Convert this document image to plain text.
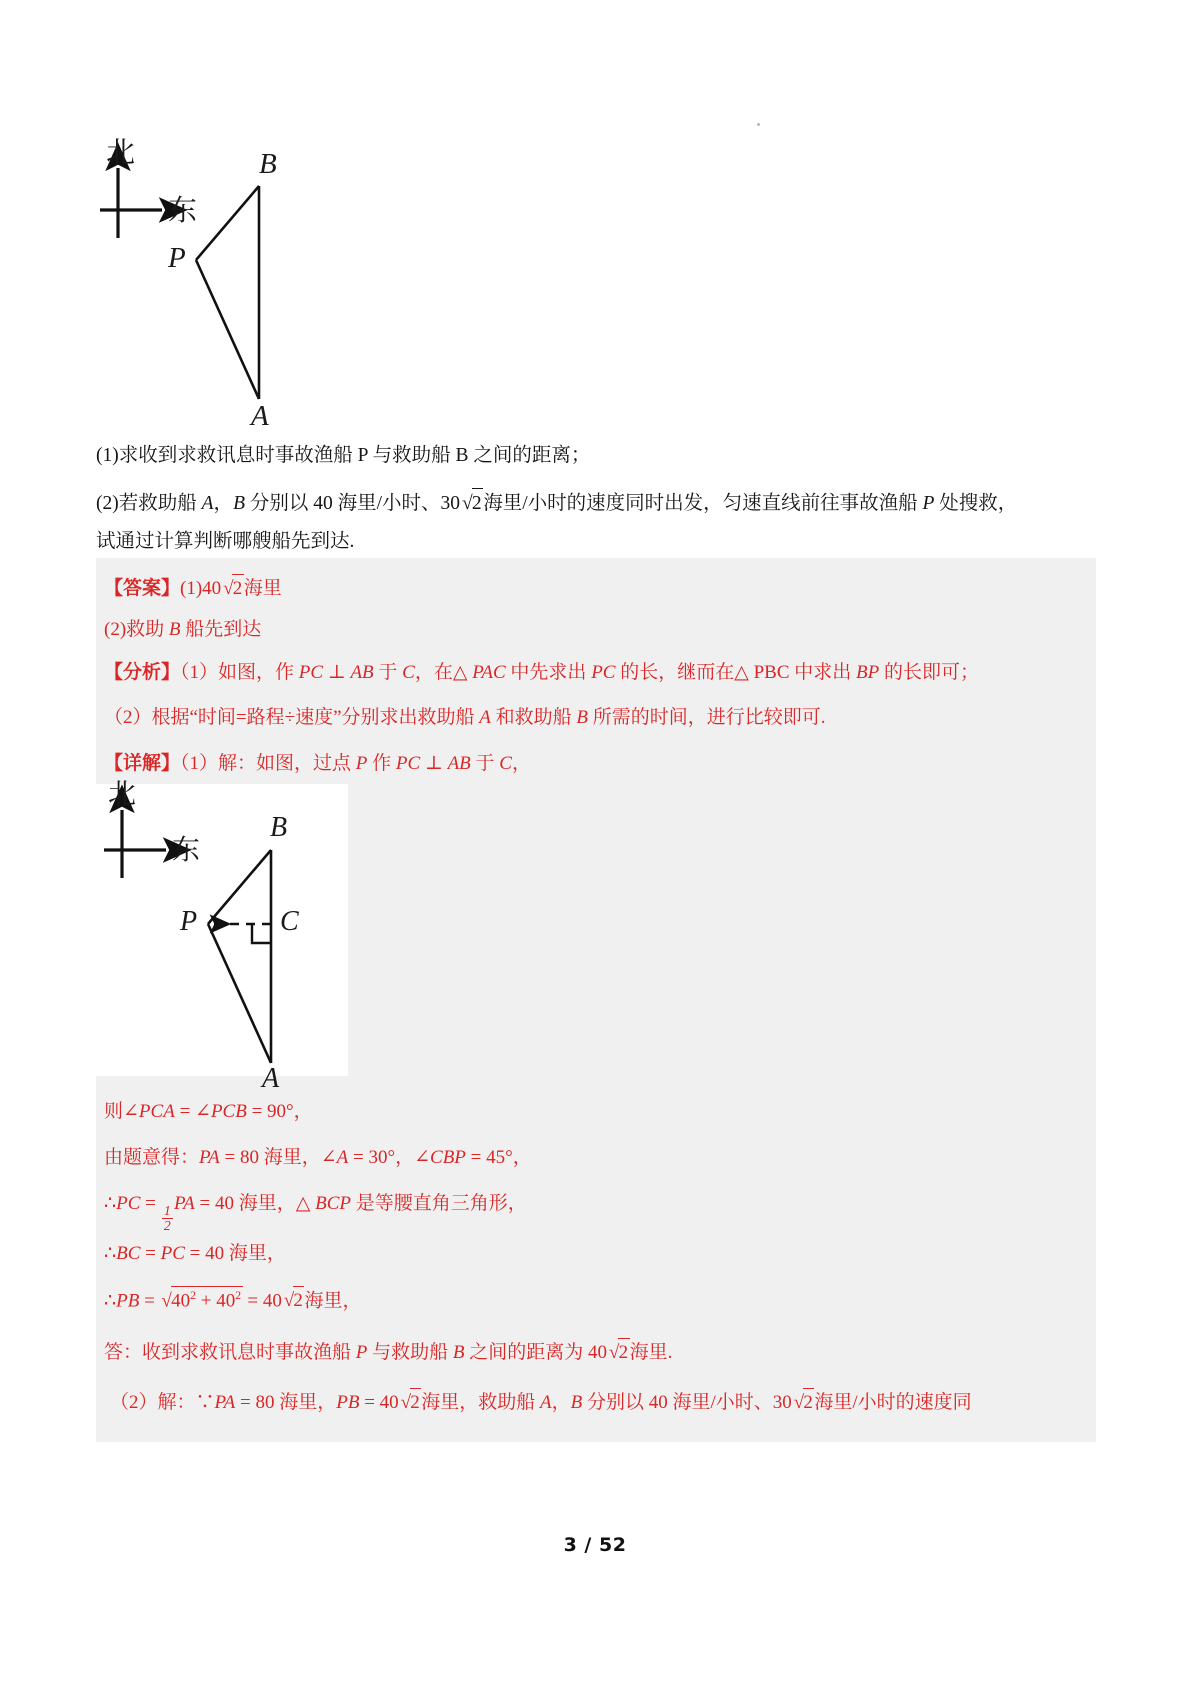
北
东
B
P
A
(1)求收到求救讯息时事故渔船 P 与救助船 B 之间的距离；
(2)若救助船 A，B 分别以 40 海里/小时、30√2海里/小时的速度同时出发，匀速直线前往事故渔船 P 处搜救，
试通过计算判断哪艘船先到达.
【答案】(1)40√2海里
(2)救助 B 船先到达
【分析】（1）如图，作 PC ⊥ AB 于 C，在△ PAC 中先求出 PC 的长，继而在△ PBC 中求出 BP 的长即可；
（2）根据“时间=路程÷速度”分别求出救助船 A 和救助船 B 所需的时间，进行比较即可.
【详解】（1）解：如图，过点 P 作 PC ⊥ AB 于 C，
北
东
B
P	C
A
则∠PCA = ∠PCB = 90°，
由题意得：PA = 80 海里，∠A = 30°，∠CBP = 45°，
∴PC =
$\frac{1}{2}$
PA = 40 海里，△ BCP 是等腰直角三角形，
∴BC = PC = 40 海里，
∴PB = $√40^2 + 40^2 = 40√2$海里，
答：收到求救讯息时事故渔船 P 与救助船 B 之间的距离为 40√2海里.
（2）解：∵PA = 80 海里，PB = 40√2海里，救助船 A，B 分别以 40 海里/小时、30√2海里/小时的速度同
3 / 52
